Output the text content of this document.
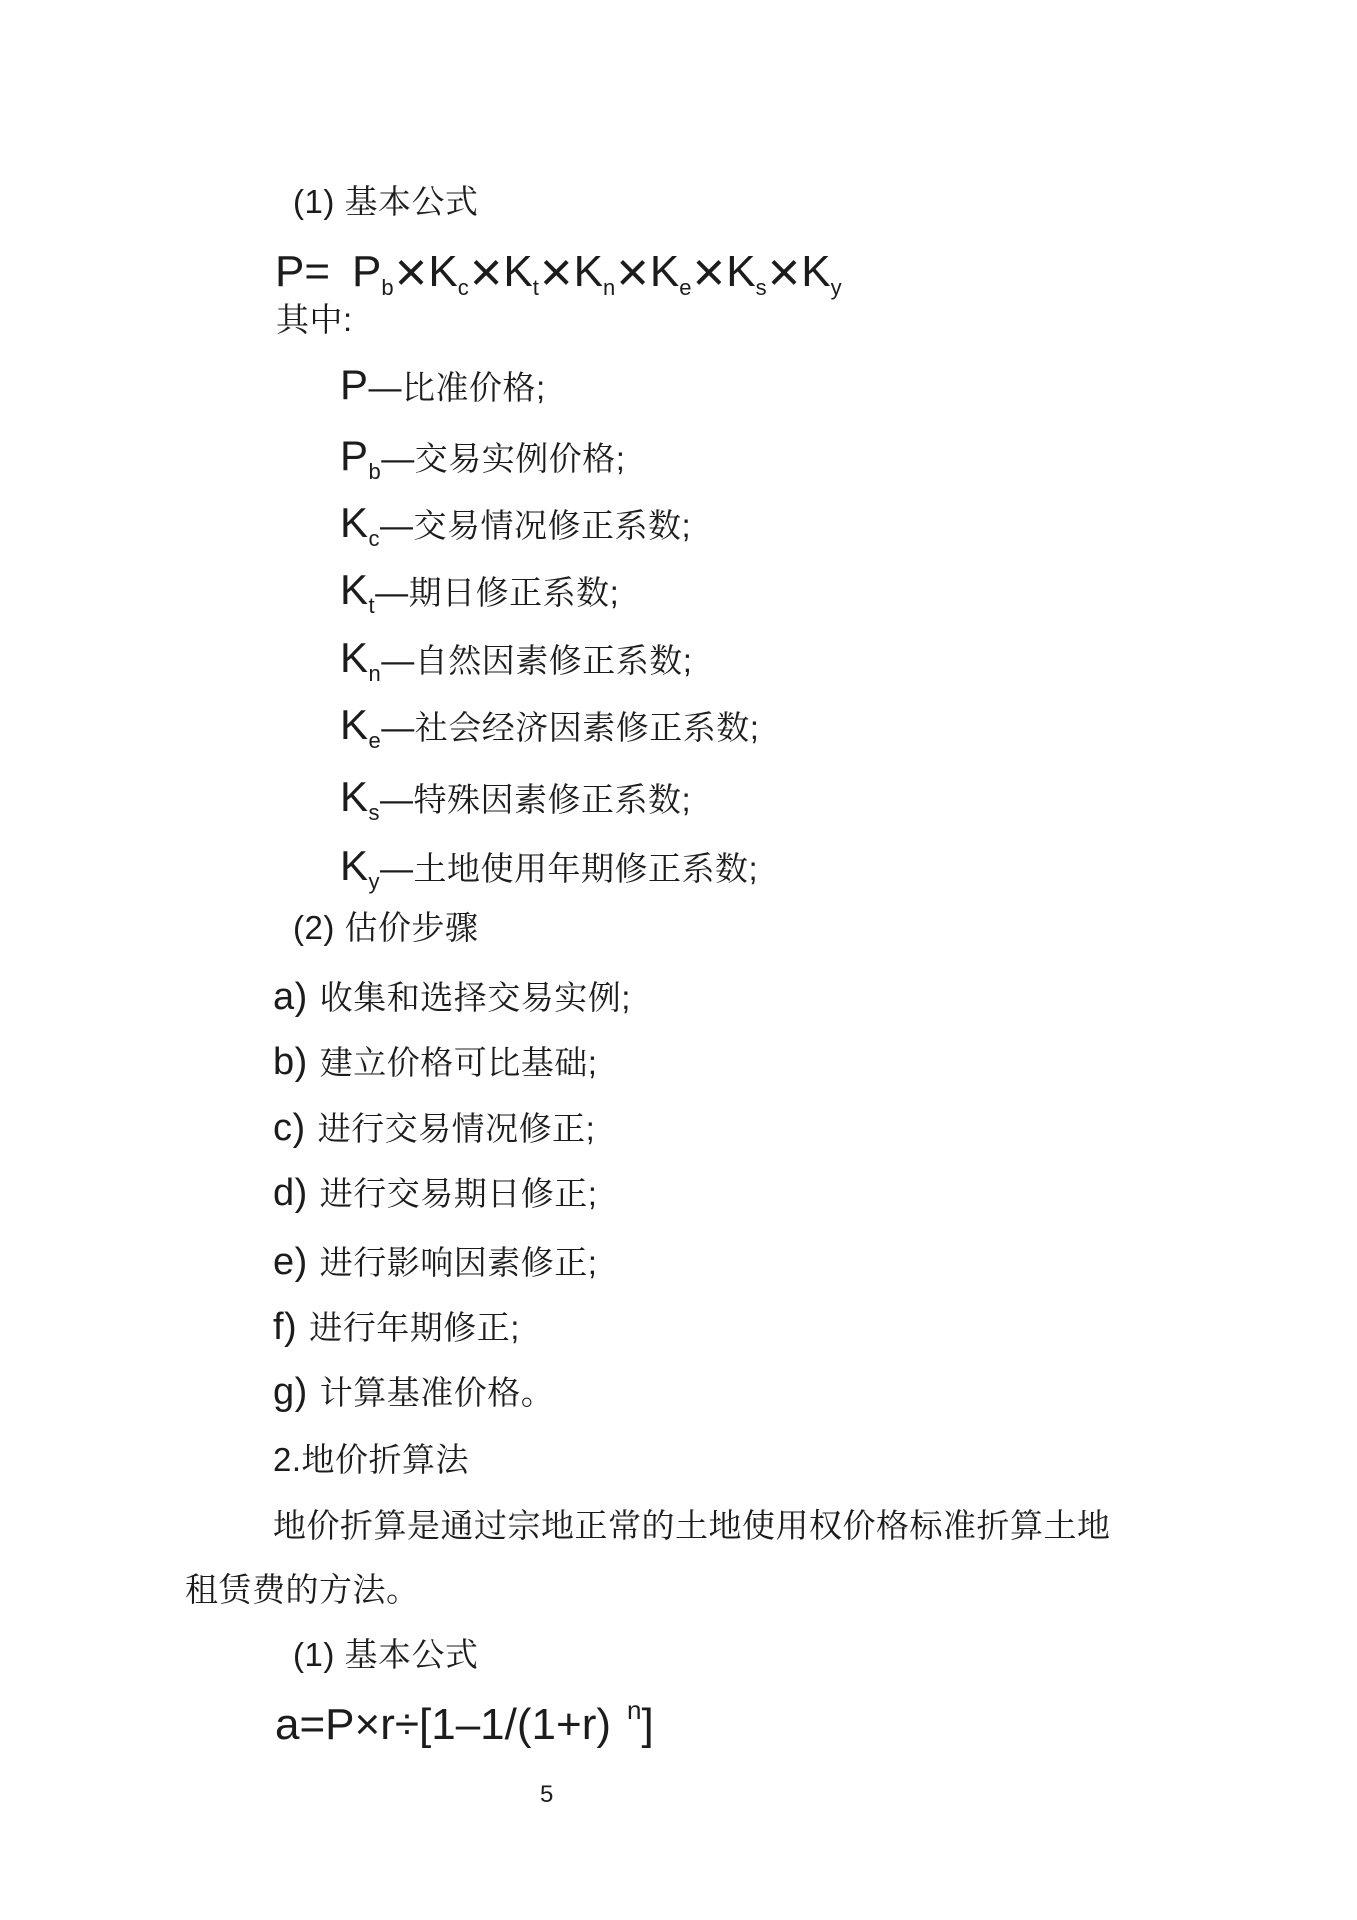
(1) 基本公式
$P= P_b\times K_c\times K_t\times K_n\times K_e\times K_s\times K_y$
其中:
P—比准价格;
$P_b—$交易实例价格;
$K_c—$交易情况修正系数;
$K_t—$期日修正系数;
$K_n—$自然因素修正系数;
$K_e—$社会经济因素修正系数;
$K_s—$特殊因素修正系数;
$K_y—$土地使用年期修正系数;
(2) 估价步骤
a) 收集和选择交易实例;
b) 建立价格可比基础;
c) 进行交易情况修正;
d) 进行交易期日修正;
e) 进行影响因素修正;
f) 进行年期修正;
g) 计算基准价格。
2.地价折算法
地价折算是通过宗地正常的土地使用权价格标准折算土地
租赁费的方法。
(1) 基本公式
a=P×r÷[1–1/(1+r) $^n$]
5
